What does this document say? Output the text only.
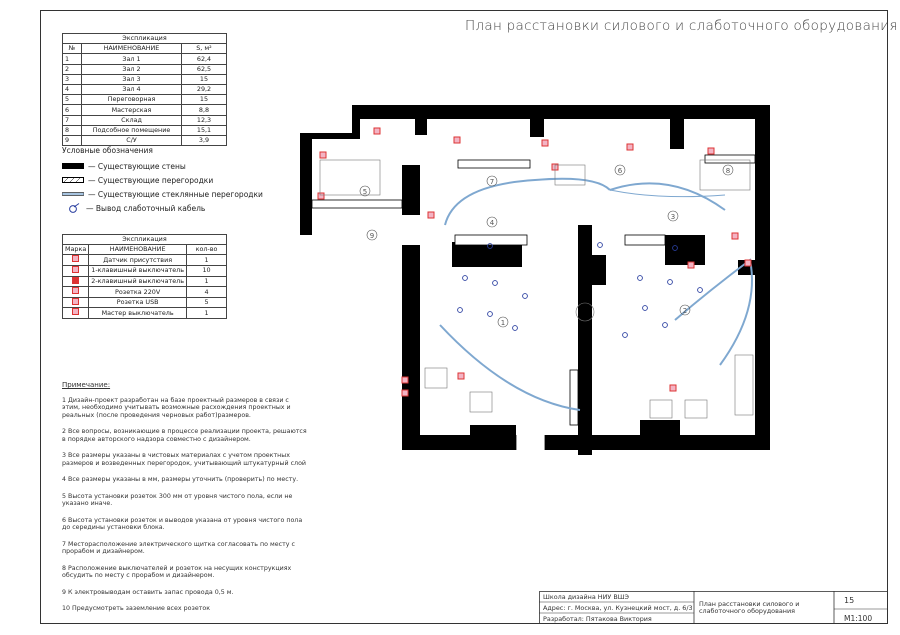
План расстановки силового и слаботочного оборудования
Экспликация		
№	НАИМЕНОВАНИЕ	S, м²
1	Зал 1	62,4
2	Зал 2	62,5
3	Зал 3	15
4	Зал 4	29,2
5	Переговорная	15
6	Мастерская	8,8
7	Склад	12,3
8	Подсобное помещение	15,1
9	С/У	3,9
Условные обозначения
— Существующие стены
— Существующие перегородки
— Существующие стеклянные перегородки
— Вывод слаботочный кабель
Экспликация		
Марка	НАИМЕНОВАНИЕ	кол-во
	Датчик присутствия	1
	1-клавишный выключатель	10
	2-клавишный выключатель	1
	Розетка 220V	4
	Розетка USB	5
	Мастер выключатель	1
1
2
3
4
5
6
7
8
9
Примечание:

1 Дизайн-проект разработан на базе проектный размеров в связи с этим, необходимо учитывать возможные расхождения проектных и реальных (после проведения черновых работ)размеров.

2 Все вопросы, возникающие в процессе реализации проекта, решаются в порядке авторского надзора совместно с дизайнером.

3 Все размеры указаны в чистовых материалах с учетом проектных размеров и возведенных перегородок, учитывающий штукатурный слой

4 Все размеры указаны в мм, размеры уточнить (проверить) по месту.

5 Высота установки розеток 300 мм от уровня чистого пола, если не указано иначе.

6 Высота установки розеток и выводов указана от уровня чистого пола до середины установки блока.

7 Месторасположение электрического щитка согласовать по месту с прорабом и дизайнером.

8 Расположение выключателей и розеток на несущих конструкциях обсудить по месту с прорабом и дизайнером.

9 К электровыводам оставить запас провода 0,5 м.

10 Предусмотреть заземление всех розеток

Школа дизайна НИУ ВШЭ
Адрес: г. Москва, ул. Кузнецкий мост, д. 6/3
Разработал: Пятакова Виктория
План расстановки силового и слаботочного оборудования
15
М1:100
